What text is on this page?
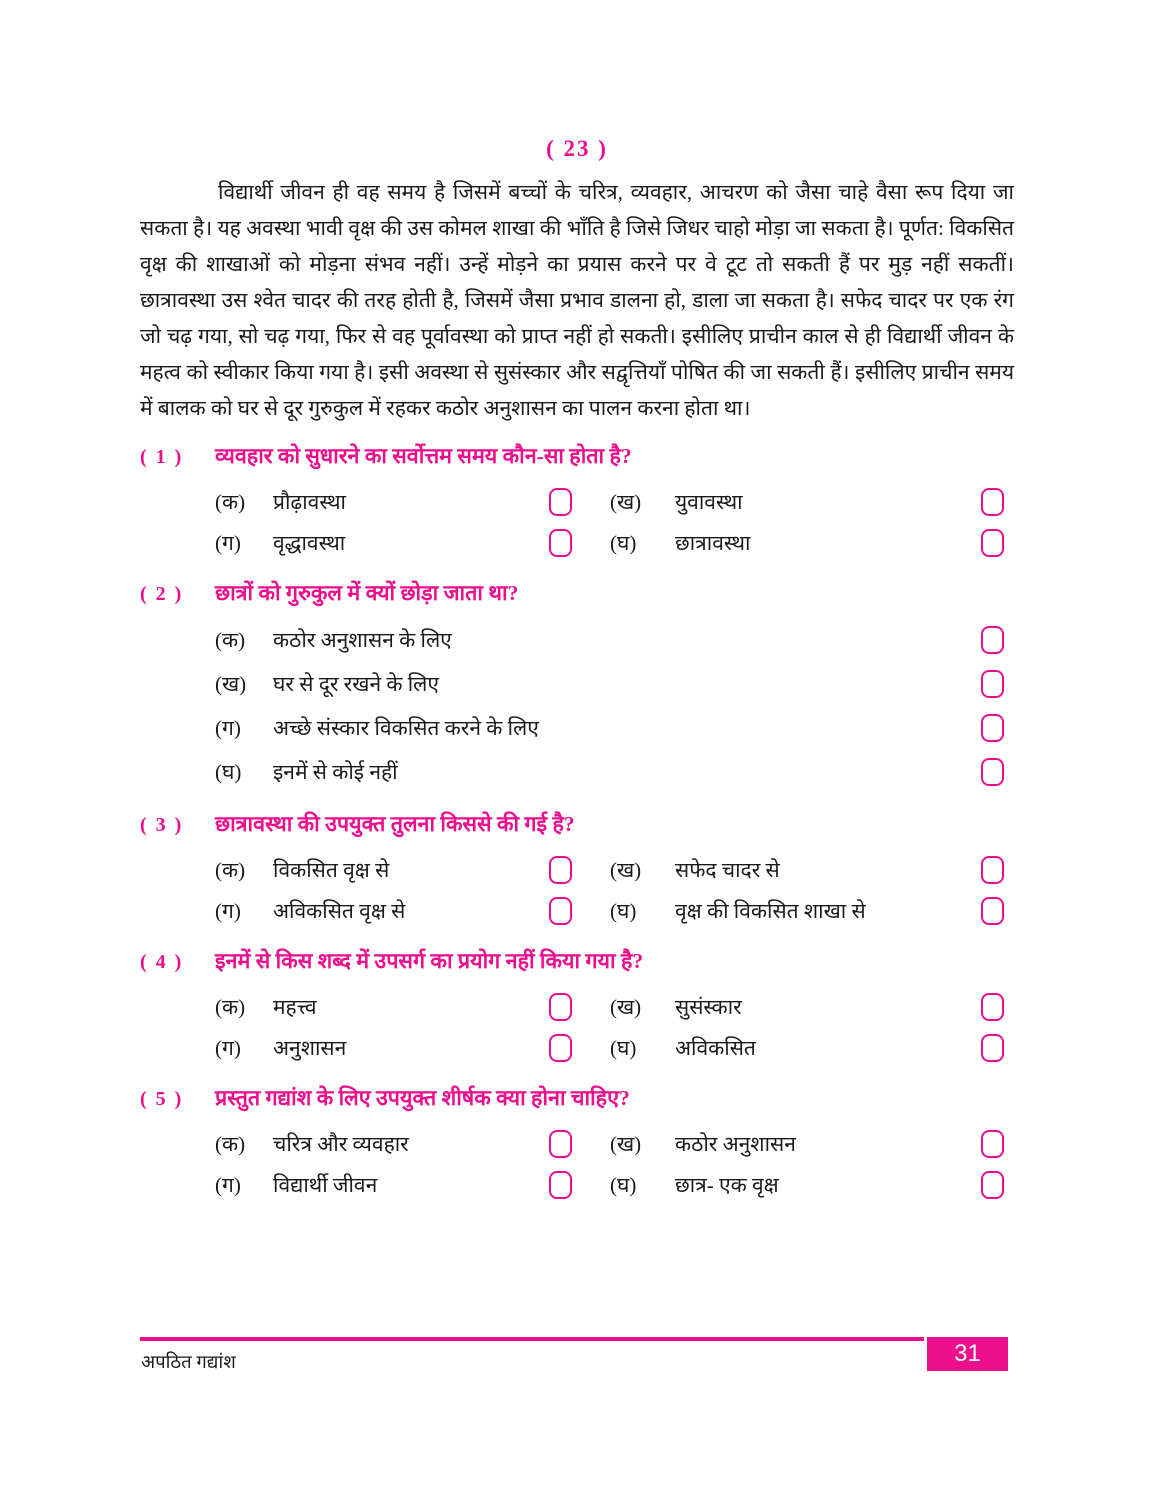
( 23 )

विद्यार्थी जीवन ही वह समय है जिसमें बच्चों के चरित्र, व्यवहार, आचरण को जैसा चाहे वैसा रूप दिया जा सकता है। यह अवस्था भावी वृक्ष की उस कोमल शाखा की भाँति है जिसे जिधर चाहो मोड़ा जा सकता है। पूर्णत: विकसित वृक्ष की शाखाओं को मोड़ना संभव नहीं। उन्हें मोड़ने का प्रयास करने पर वे टूट तो सकती हैं पर मुड़ नहीं सकतीं। छात्रावस्था उस श्वेत चादर की तरह होती है, जिसमें जैसा प्रभाव डालना हो, डाला जा सकता है। सफेद चादर पर एक रंग जो चढ़ गया, सो चढ़ गया, फिर से वह पूर्वावस्था को प्राप्त नहीं हो सकती। इसीलिए प्राचीन काल से ही विद्यार्थी जीवन के महत्व को स्वीकार किया गया है। इसी अवस्था से सुसंस्कार और सद्वृत्तियाँ पोषित की जा सकती हैं। इसीलिए प्राचीन समय में बालक को घर से दूर गुरुकुल में रहकर कठोर अनुशासन का पालन करना होता था।

( 1 )	व्यवहार को सुधारने का सर्वोत्तम समय कौन-सा होता है?
(क)	प्रौढ़ावस्था	(ख)	युवावस्था
(ग)	वृद्धावस्था	(घ)	छात्रावस्था
( 2 )	छात्रों को गुरुकुल में क्यों छोड़ा जाता था?
(क)	कठोर अनुशासन के लिए
(ख)	घर से दूर रखने के लिए
(ग)	अच्छे संस्कार विकसित करने के लिए
(घ)	इनमें से कोई नहीं
( 3 )	छात्रावस्था की उपयुक्त तुलना किससे की गई है?
(क)	विकसित वृक्ष से	(ख)	सफेद चादर से
(ग)	अविकसित वृक्ष से	(घ)	वृक्ष की विकसित शाखा से
( 4 )	इनमें से किस शब्द में उपसर्ग का प्रयोग नहीं किया गया है?
(क)	महत्त्व	(ख)	सुसंस्कार
(ग)	अनुशासन	(घ)	अविकसित
( 5 )	प्रस्तुत गद्यांश के लिए उपयुक्त शीर्षक क्या होना चाहिए?
(क)	चरित्र और व्यवहार	(ख)	कठोर अनुशासन
(ग)	विद्यार्थी जीवन	(घ)	छात्र- एक वृक्ष
अपठित गद्यांश	31
